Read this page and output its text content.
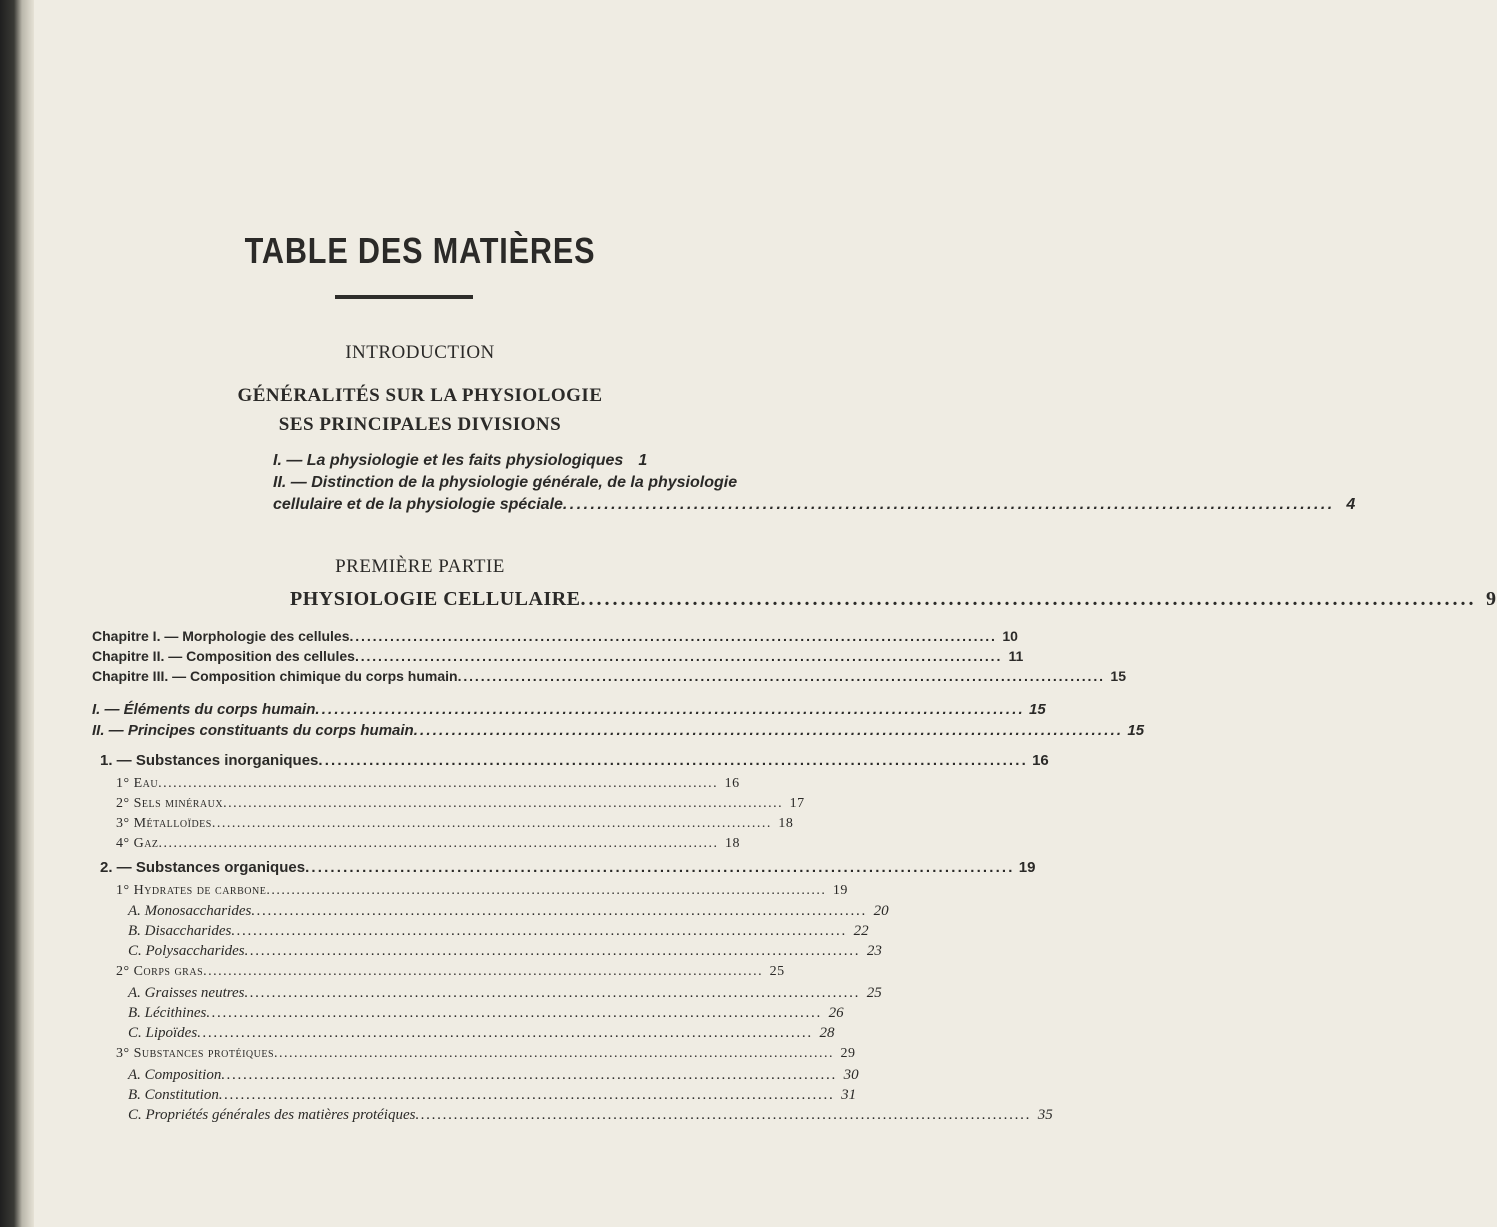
TABLE DES MATIÈRES
INTRODUCTION
GÉNÉRALITÉS SUR LA PHYSIOLOGIE
SES PRINCIPALES DIVISIONS
I. — La physiologie et les faits physiologiques 1
II. — Distinction de la physiologie générale, de la physiologie
cellulaire et de la physiologie spéciale . . .	4
PREMIÈRE PARTIE
PHYSIOLOGIE CELLULAIRE . . .	9
Chapitre I. — Morphologie des cellules . . .	10
Chapitre II. — Composition des cellules . . .	11
Chapitre III. — Composition chimique du corps humain . . .	15
I. — Éléments du corps humain . . .	15
II. — Principes constituants du corps humain . . .	15
1. — Substances inorganiques . . .	16
1° Eau . . .	16
2° Sels minéraux . . .	17
3° Métalloïdes . . .	18
4° Gaz . . .	18
2. — Substances organiques . . .	19
1° Hydrates de carbone . . .	19
A. Monosaccharides . . .	20
B. Disaccharides . . .	22
C. Polysaccharides . . .	23
2° Corps gras . . .	25
A. Graisses neutres . . .	25
B. Lécithines . . .	26
C. Lipoïdes . . .	28
3° Substances protéiques . . .	29
A. Composition . . .	30
B. Constitution . . .	31
C. Propriétés générales des matières protéiques . . .	35
